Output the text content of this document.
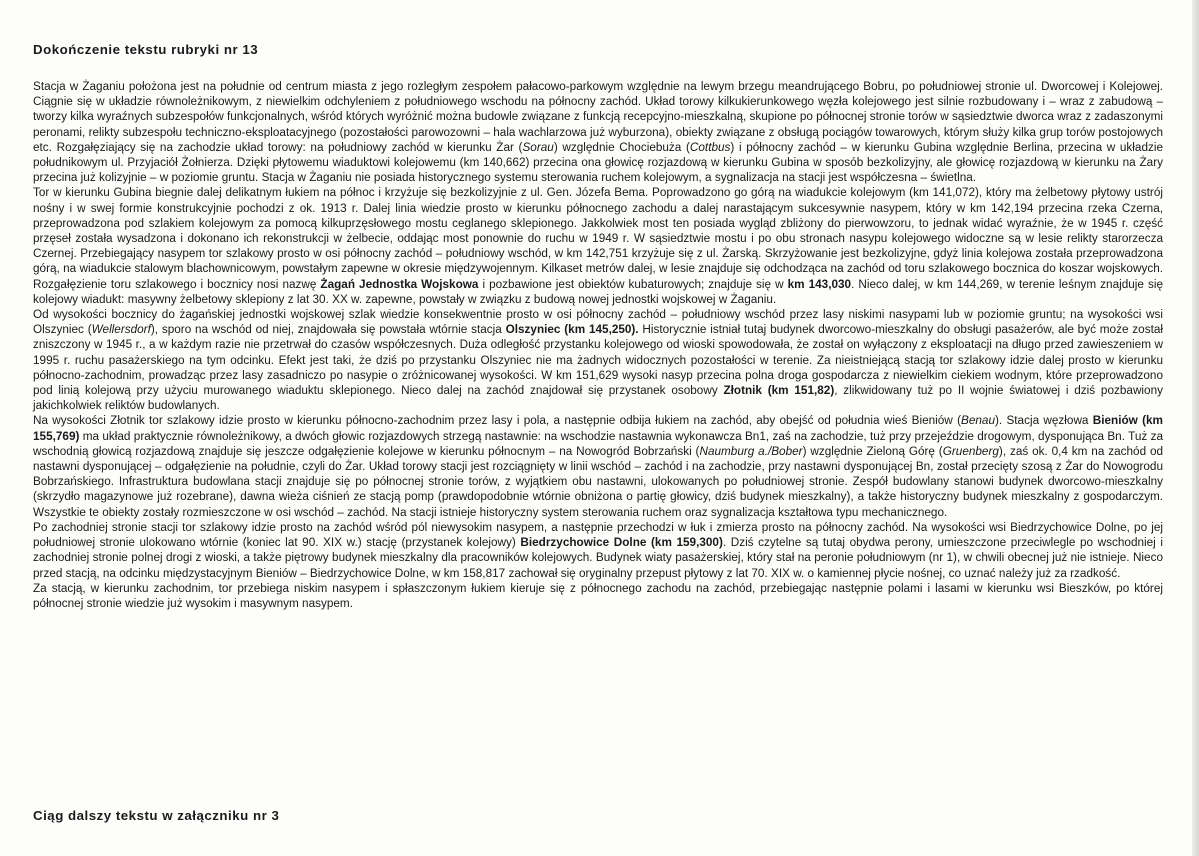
Dokończenie tekstu rubryki nr 13

Stacja w Żaganiu położona jest na południe od centrum miasta z jego rozległym zespołem pałacowo-parkowym względnie na lewym brzegu meandrującego Bobru, po południowej stronie ul. Dworcowej i Kolejowej. Ciągnie się w układzie równoleżnikowym, z niewielkim odchyleniem z południowego wschodu na północny zachód. Układ torowy kilkukierunkowego węzła kolejowego jest silnie rozbudowany i – wraz z zabudową – tworzy kilka wyraźnych subzespołów funkcjonalnych, wśród których wyróżnić można budowle związane z funkcją recepcyjno-mieszkalną, skupione po północnej stronie torów w sąsiedztwie dworca wraz z zadaszonymi peronami, relikty subzespołu techniczno-eksploatacyjnego (pozostałości parowozowni – hala wachlarzowa już wyburzona), obiekty związane z obsługą pociągów towarowych, którym służy kilka grup torów postojowych etc. Rozgałęziający się na zachodzie układ torowy: na południowy zachód w kierunku Żar (Sorau) względnie Chociebuża (Cottbus) i północny zachód – w kierunku Gubina względnie Berlina, przecina w układzie południkowym ul. Przyjaciół Żołnierza. Dzięki płytowemu wiaduktowi kolejowemu (km 140,662) przecina ona głowicę rozjazdową w kierunku Gubina w sposób bezkolizyjny, ale głowicę rozjazdową w kierunku na Żary przecina już kolizyjnie – w poziomie gruntu. Stacja w Żaganiu nie posiada historycznego systemu sterowania ruchem kolejowym, a sygnalizacja na stacji jest współczesna – świetlna.

Tor w kierunku Gubina biegnie dalej delikatnym łukiem na północ i krzyżuje się bezkolizyjnie z ul. Gen. Józefa Bema. Poprowadzono go górą na wiadukcie kolejowym (km 141,072), który ma żelbetowy płytowy ustrój nośny i w swej formie konstrukcyjnie pochodzi z ok. 1913 r. Dalej linia wiedzie prosto w kierunku północnego zachodu a dalej narastającym sukcesywnie nasypem, który w km 142,194 przecina rzeka Czerna, przeprowadzona pod szlakiem kolejowym za pomocą kilkuprzęsłowego mostu ceglanego sklepionego. Jakkolwiek most ten posiada wygląd zbliżony do pierwowzoru, to jednak widać wyraźnie, że w 1945 r. część przęseł została wysadzona i dokonano ich rekonstrukcji w żelbecie, oddając most ponownie do ruchu w 1949 r. W sąsiedztwie mostu i po obu stronach nasypu kolejowego widoczne są w lesie relikty starorzecza Czernej. Przebiegający nasypem tor szlakowy prosto w osi północny zachód – południowy wschód, w km 142,751 krzyżuje się z ul. Żarską. Skrzyżowanie jest bezkolizyjne, gdyż linia kolejowa została przeprowadzona górą, na wiadukcie stalowym blachownicowym, powstałym zapewne w okresie międzywojennym. Kilkaset metrów dalej, w lesie znajduje się odchodząca na zachód od toru szlakowego bocznica do koszar wojskowych. Rozgałęzienie toru szlakowego i bocznicy nosi nazwę Żagań Jednostka Wojskowa i pozbawione jest obiektów kubaturowych; znajduje się w km 143,030. Nieco dalej, w km 144,269, w terenie leśnym znajduje się kolejowy wiadukt: masywny żelbetowy sklepiony z lat 30. XX w. zapewne, powstały w związku z budową nowej jednostki wojskowej w Żaganiu.

Od wysokości bocznicy do żagańskiej jednostki wojskowej szlak wiedzie konsekwentnie prosto w osi północny zachód – południowy wschód przez lasy niskimi nasypami lub w poziomie gruntu; na wysokości wsi Olszyniec (Wellersdorf), sporo na wschód od niej, znajdowała się powstała wtórnie stacja Olszyniec (km 145,250). Historycznie istniał tutaj budynek dworcowo-mieszkalny do obsługi pasażerów, ale być może został zniszczony w 1945 r., a w każdym razie nie przetrwał do czasów współczesnych. Duża odległość przystanku kolejowego od wioski spowodowała, że został on wyłączony z eksploatacji na długo przed zawieszeniem w 1995 r. ruchu pasażerskiego na tym odcinku. Efekt jest taki, że dziś po przystanku Olszyniec nie ma żadnych widocznych pozostałości w terenie. Za nieistniejącą stacją tor szlakowy idzie dalej prosto w kierunku północno-zachodnim, prowadząc przez lasy zasadniczo po nasypie o zróżnicowanej wysokości. W km 151,629 wysoki nasyp przecina polna droga gospodarcza z niewielkim ciekiem wodnym, które przeprowadzono pod linią kolejową przy użyciu murowanego wiaduktu sklepionego. Nieco dalej na zachód znajdował się przystanek osobowy Złotnik (km 151,82), zlikwidowany tuż po II wojnie światowej i dziś pozbawiony jakichkolwiek reliktów budowlanych.

Na wysokości Złotnik tor szlakowy idzie prosto w kierunku północno-zachodnim przez lasy i pola, a następnie odbija łukiem na zachód, aby obejść od południa wieś Bieniów (Benau). Stacja węzłowa Bieniów (km 155,769) ma układ praktycznie równoleżnikowy, a dwóch głowic rozjazdowych strzegą nastawnie: na wschodzie nastawnia wykonawcza Bn1, zaś na zachodzie, tuż przy przejeździe drogowym, dysponująca Bn. Tuż za wschodnią głowicą rozjazdową znajduje się jeszcze odgałęzienie kolejowe w kierunku północnym – na Nowogród Bobrzański (Naumburg a./Bober) względnie Zieloną Górę (Gruenberg), zaś ok. 0,4 km na zachód od nastawni dysponującej – odgałęzienie na południe, czyli do Żar. Układ torowy stacji jest rozciągnięty w linii wschód – zachód i na zachodzie, przy nastawni dysponującej Bn, został przecięty szosą z Żar do Nowogrodu Bobrzańskiego. Infrastruktura budowlana stacji znajduje się po północnej stronie torów, z wyjątkiem obu nastawni, ulokowanych po południowej stronie. Zespół budowlany stanowi budynek dworcowo-mieszkalny (skrzydło magazynowe już rozebrane), dawna wieża ciśnień ze stacją pomp (prawdopodobnie wtórnie obniżona o partię głowicy, dziś budynek mieszkalny), a także historyczny budynek mieszkalny z gospodarczym. Wszystkie te obiekty zostały rozmieszczone w osi wschód – zachód. Na stacji istnieje historyczny system sterowania ruchem oraz sygnalizacja kształtowa typu mechanicznego.

Po zachodniej stronie stacji tor szlakowy idzie prosto na zachód wśród pól niewysokim nasypem, a następnie przechodzi w łuk i zmierza prosto na północny zachód. Na wysokości wsi Biedrzychowice Dolne, po jej południowej stronie ulokowano wtórnie (koniec lat 90. XIX w.) stację (przystanek kolejowy) Biedrzychowice Dolne (km 159,300). Dziś czytelne są tutaj obydwa perony, umieszczone przeciwlegle po wschodniej i zachodniej stronie polnej drogi z wioski, a także piętrowy budynek mieszkalny dla pracowników kolejowych. Budynek wiaty pasażerskiej, który stał na peronie południowym (nr 1), w chwili obecnej już nie istnieje. Nieco przed stacją, na odcinku międzystacyjnym Bieniów – Biedrzychowice Dolne, w km 158,817 zachował się oryginalny przepust płytowy z lat 70. XIX w. o kamiennej płycie nośnej, co uznać należy już za rzadkość.

Za stacją, w kierunku zachodnim, tor przebiega niskim nasypem i spłaszczonym łukiem kieruje się z północnego zachodu na zachód, przebiegając następnie polami i lasami w kierunku wsi Bieszków, po której północnej stronie wiedzie już wysokim i masywnym nasypem.

Ciąg dalszy tekstu w załączniku nr 3
